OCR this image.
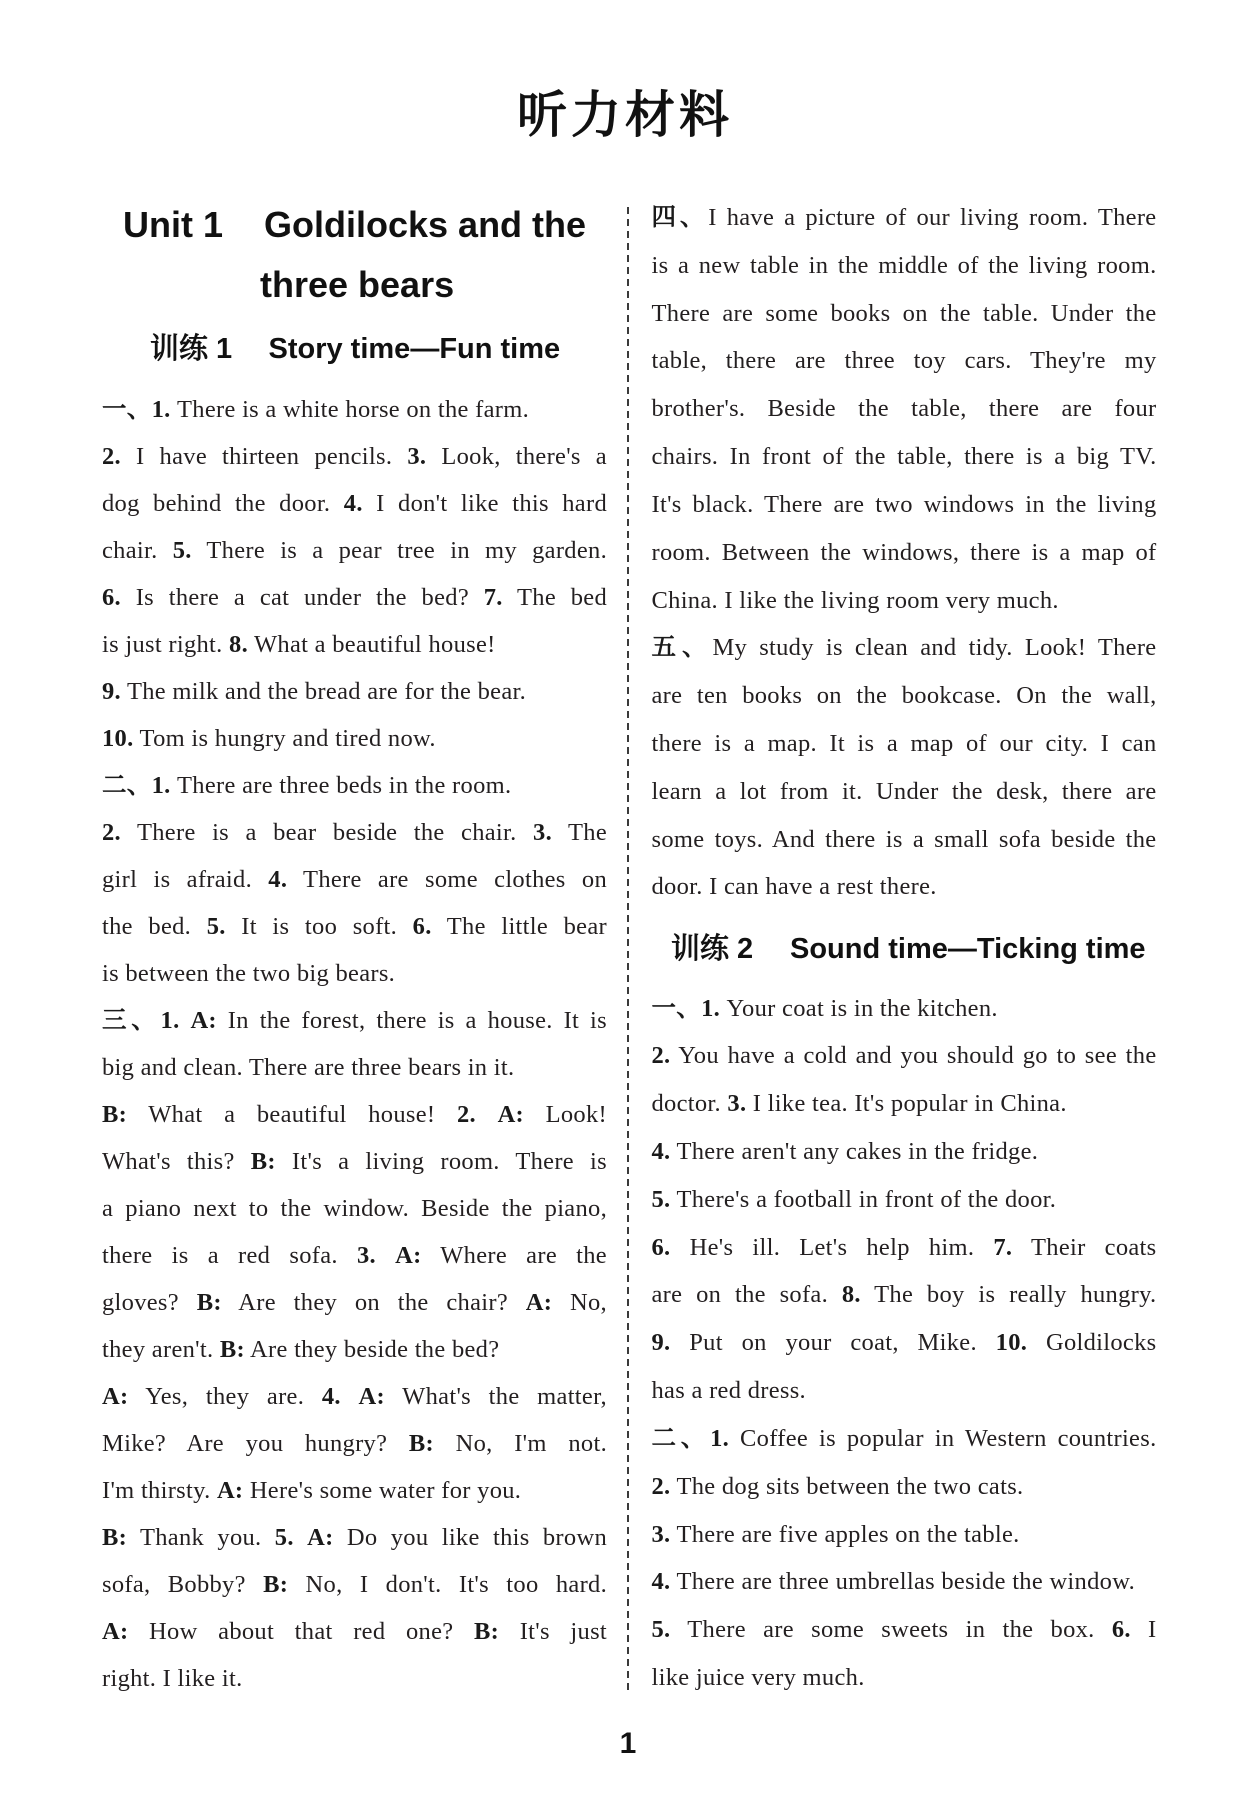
听力材料
Unit 1 Goldilocks and the
three bears
训练 1 Story time—Fun time
一、1. There is a white horse on the farm.
2. I have thirteen pencils. 3. Look, there's a
dog behind the door. 4. I don't like this hard
chair. 5. There is a pear tree in my garden.
6. Is there a cat under the bed? 7. The bed
is just right. 8. What a beautiful house!
9. The milk and the bread are for the bear.
10. Tom is hungry and tired now.
二、1. There are three beds in the room.
2. There is a bear beside the chair. 3. The
girl is afraid. 4. There are some clothes on
the bed. 5. It is too soft. 6. The little bear
is between the two big bears.
三、1. A: In the forest, there is a house. It is
big and clean. There are three bears in it.
B: What a beautiful house! 2. A: Look!
What's this? B: It's a living room. There is
a piano next to the window. Beside the piano,
there is a red sofa. 3. A: Where are the
gloves? B: Are they on the chair? A: No,
they aren't. B: Are they beside the bed?
A: Yes, they are. 4. A: What's the matter,
Mike? Are you hungry? B: No, I'm not.
I'm thirsty. A: Here's some water for you.
B: Thank you. 5. A: Do you like this brown
sofa, Bobby? B: No, I don't. It's too hard.
A: How about that red one? B: It's just
right. I like it.
四、I have a picture of our living room. There
is a new table in the middle of the living room.
There are some books on the table. Under the
table, there are three toy cars. They're my
brother's. Beside the table, there are four
chairs. In front of the table, there is a big TV.
It's black. There are two windows in the living
room. Between the windows, there is a map of
China. I like the living room very much.
五、My study is clean and tidy. Look! There
are ten books on the bookcase. On the wall,
there is a map. It is a map of our city. I can
learn a lot from it. Under the desk, there are
some toys. And there is a small sofa beside the
door. I can have a rest there.
训练 2 Sound time—Ticking time
一、1. Your coat is in the kitchen.
2. You have a cold and you should go to see the
doctor. 3. I like tea. It's popular in China.
4. There aren't any cakes in the fridge.
5. There's a football in front of the door.
6. He's ill. Let's help him. 7. Their coats
are on the sofa. 8. The boy is really hungry.
9. Put on your coat, Mike. 10. Goldilocks
has a red dress.
二、1. Coffee is popular in Western countries.
2. The dog sits between the two cats.
3. There are five apples on the table.
4. There are three umbrellas beside the window.
5. There are some sweets in the box. 6. I
like juice very much.
1
